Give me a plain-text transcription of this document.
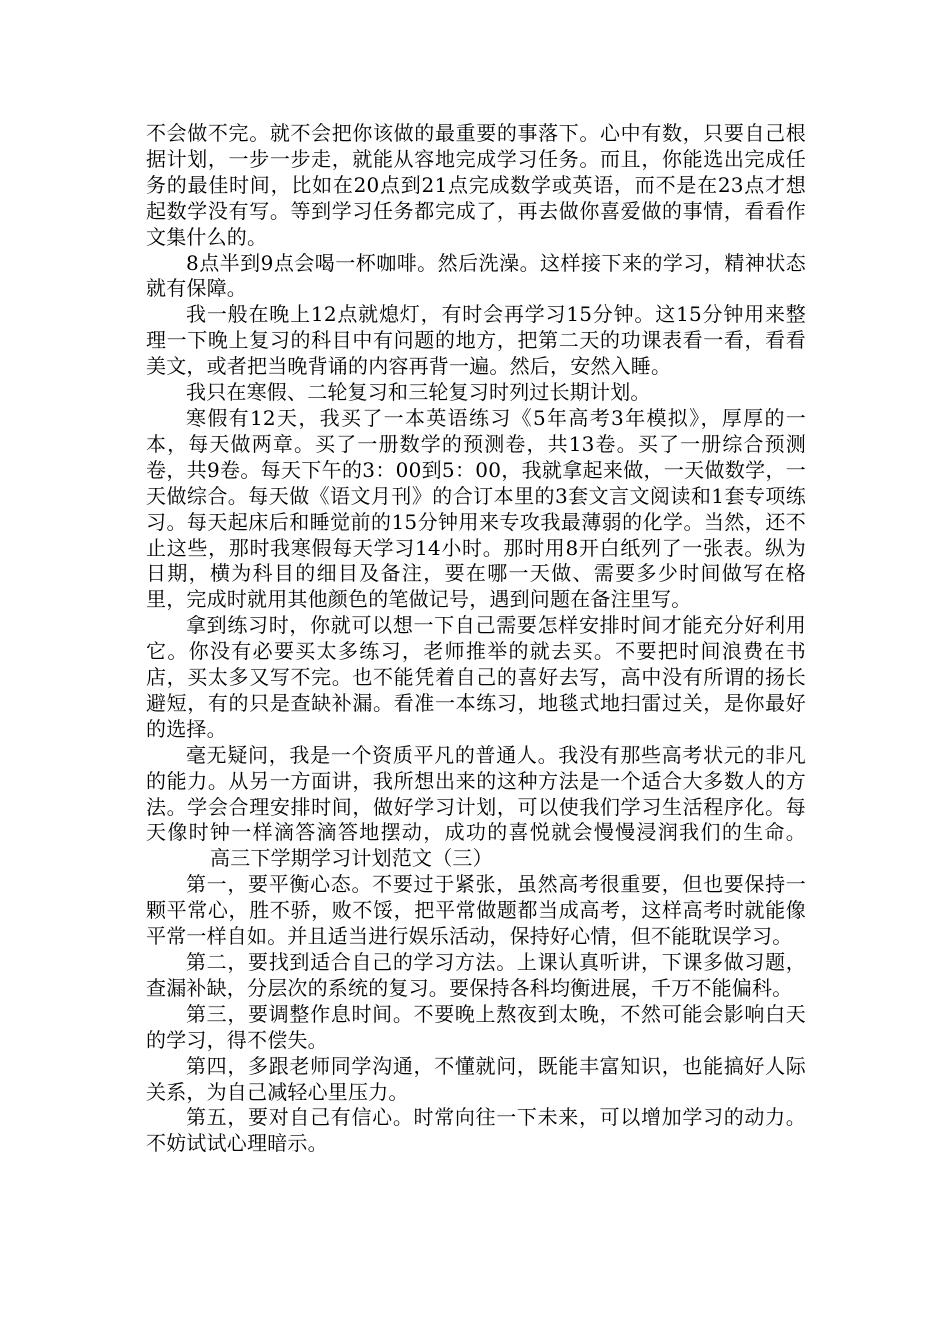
不会做不完。就不会把你该做的最重要的事落下。心中有数，只要自己根据计划，一步一步走，就能从容地完成学习任务。而且，你能选出完成任务的最佳时间，比如在20点到21点完成数学或英语，而不是在23点才想起数学没有写。等到学习任务都完成了，再去做你喜爱做的事情，看看作文集什么的。

8点半到9点会喝一杯咖啡。然后洗澡。这样接下来的学习，精神状态就有保障。

我一般在晚上12点就熄灯，有时会再学习15分钟。这15分钟用来整理一下晚上复习的科目中有问题的地方，把第二天的功课表看一看，看看美文，或者把当晚背诵的内容再背一遍。然后，安然入睡。

我只在寒假、二轮复习和三轮复习时列过长期计划。

寒假有12天，我买了一本英语练习《5年高考3年模拟》，厚厚的一本，每天做两章。买了一册数学的预测卷，共13卷。买了一册综合预测卷，共9卷。每天下午的3：00到5：00，我就拿起来做，一天做数学，一天做综合。每天做《语文月刊》的合订本里的3套文言文阅读和1套专项练习。每天起床后和睡觉前的15分钟用来专攻我最薄弱的化学。当然，还不止这些，那时我寒假每天学习14小时。那时用8开白纸列了一张表。纵为日期，横为科目的细目及备注，要在哪一天做、需要多少时间做写在格里，完成时就用其他颜色的笔做记号，遇到问题在备注里写。

拿到练习时，你就可以想一下自己需要怎样安排时间才能充分好利用它。你没有必要买太多练习，老师推举的就去买。不要把时间浪费在书店，买太多又写不完。也不能凭着自己的喜好去写，高中没有所谓的扬长避短，有的只是查缺补漏。看准一本练习，地毯式地扫雷过关，是你最好的选择。

毫无疑问，我是一个资质平凡的普通人。我没有那些高考状元的非凡的能力。从另一方面讲，我所想出来的这种方法是一个适合大多数人的方法。学会合理安排时间，做好学习计划，可以使我们学习生活程序化。每天像时钟一样滴答滴答地摆动，成功的喜悦就会慢慢浸润我们的生命。高三下学期学习计划范文（三）

第一，要平衡心态。不要过于紧张，虽然高考很重要，但也要保持一颗平常心，胜不骄，败不馁，把平常做题都当成高考，这样高考时就能像平常一样自如。并且适当进行娱乐活动，保持好心情，但不能耽误学习。

第二，要找到适合自己的学习方法。上课认真听讲，下课多做习题，查漏补缺，分层次的系统的复习。要保持各科均衡进展，千万不能偏科。

第三，要调整作息时间。不要晚上熬夜到太晚，不然可能会影响白天的学习，得不偿失。

第四，多跟老师同学沟通，不懂就问，既能丰富知识，也能搞好人际关系，为自己减轻心里压力。

第五，要对自己有信心。时常向往一下未来，可以增加学习的动力。不妨试试心理暗示。
